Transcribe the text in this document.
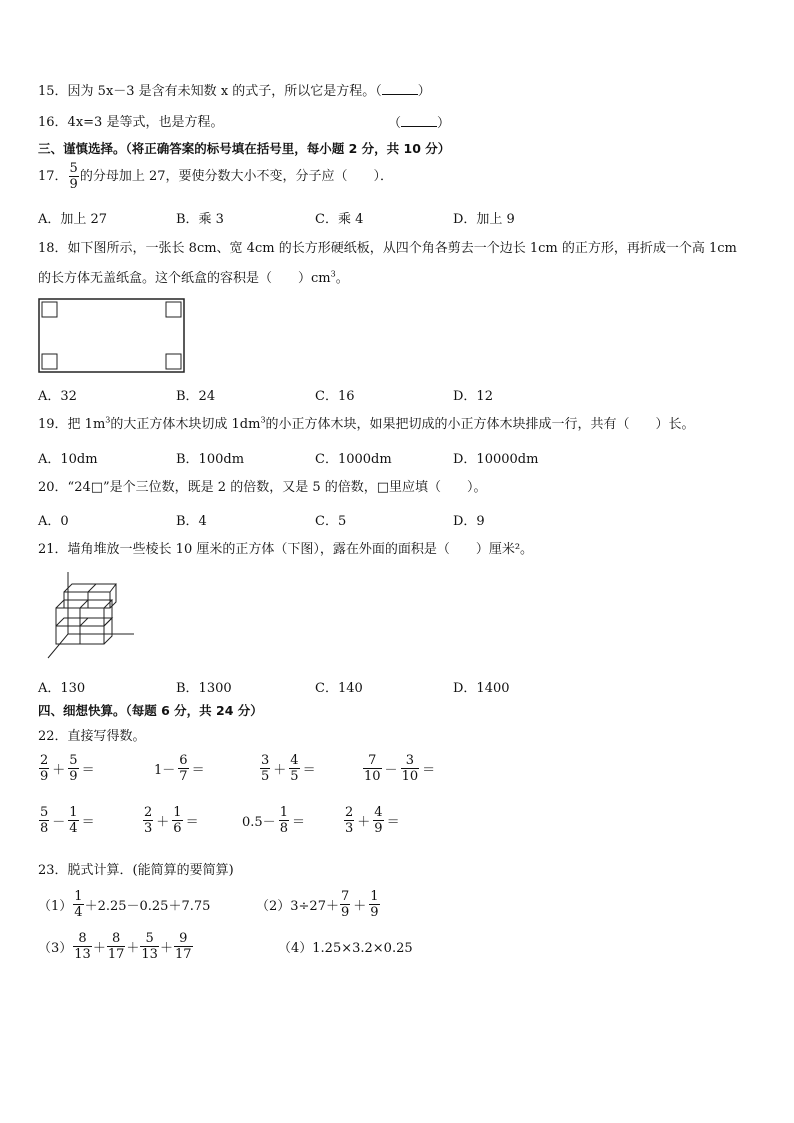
15．因为 5x－3 是含有未知数 x 的式子，所以它是方程。（	）
16．4x=3 是等式，也是方程。	（	）
三、谨慎选择。（将正确答案的标号填在括号里，每小题 2 分，共 10 分）
17． $\frac{5}{9}$ 的分母加上 27，要使分数大小不变，分子应（　　）．
A．加上 27	B．乘 3	C．乘 4	D．加上 9
18．如下图所示，一张长 8cm、宽 4cm 的长方形硬纸板，从四个角各剪去一个边长 1cm 的正方形，再折成一个高 1cm
的长方体无盖纸盒。这个纸盒的容积是（　　）$cm^3$。
A．32	B．24	C．16	D．12
19．把 $1m^3$的大正方体木块切成 $1dm^3$的小正方体木块，如果把切成的小正方体木块排成一行，共有（　　）长。
A．10dm	B．100dm	C．1000dm	D．10000dm
20．“24□”是个三位数，既是 2 的倍数，又是 5 的倍数，□里应填（　　）。
A．0	B．4	C．5	D．9
21．墙角堆放一些棱长 10 厘米的正方体（下图），露在外面的面积是（　　）厘米²。
A．130	B．1300	C．140	D．1400
四、细想快算。（每题 6 分，共 24 分）
22．直接写得数。
$\frac{2}{9} + \frac{5}{9}$ ＝	$1- \frac{6}{7}$ ＝	$\frac{3}{5} + \frac{4}{5}$ ＝	$\frac{7}{10} - \frac{3}{10}$ ＝
$\frac{5}{8} - \frac{1}{4}$ ＝	$\frac{2}{3} + \frac{1}{6}$ ＝	$0.5- \frac{1}{8}$ ＝	$\frac{2}{3} + \frac{4}{9}$ ＝
23．脱式计算．(能简算的要简算)
$(1) \frac{1}{4} +2.25-0.25+7.75$	$(2)3\div 27+ \frac{7}{9} + \frac{1}{9}$
$(3) \frac{8}{13} + \frac{8}{17} + \frac{5}{13} + \frac{9}{17}$	（4）1.25×3.2×0.25
